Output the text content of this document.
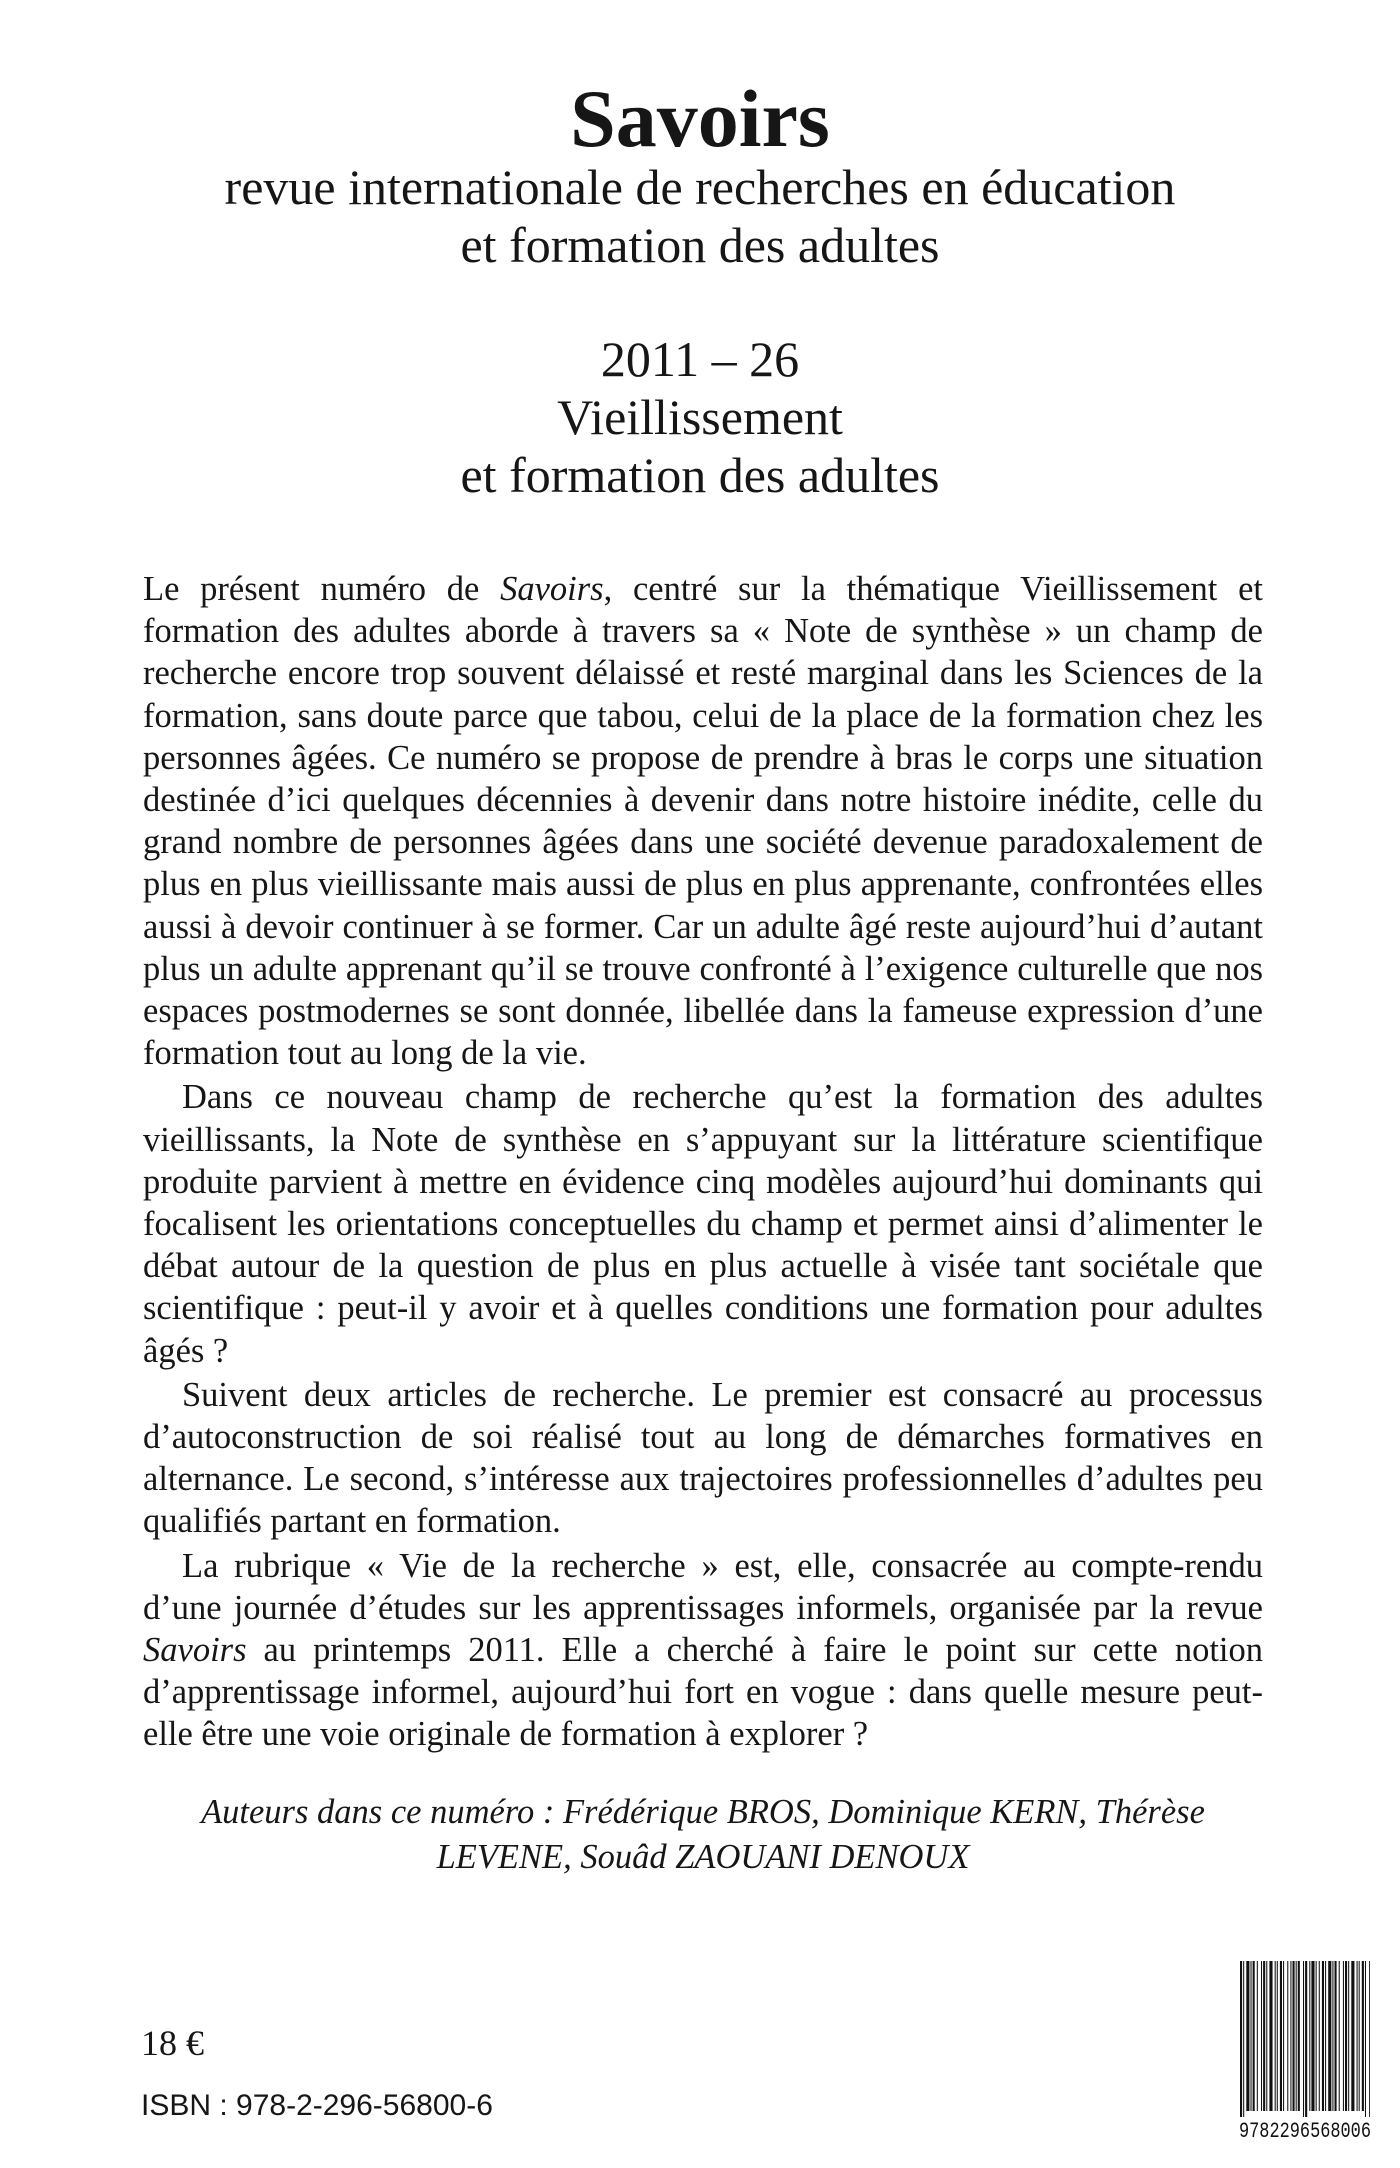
Savoirs
revue internationale de recherches en éducation
et formation des adultes
2011 – 26
Vieillissement
et formation des adultes

Le présent numéro de Savoirs, centré sur la thématique Vieillissement et formation des adultes aborde à travers sa « Note de synthèse » un champ de recherche encore trop souvent délaissé et resté marginal dans les Sciences de la formation, sans doute parce que tabou, celui de la place de la formation chez les personnes âgées. Ce numéro se propose de prendre à bras le corps une situation destinée d’ici quelques décennies à devenir dans notre histoire inédite, celle du grand nombre de personnes âgées dans une société devenue paradoxalement de plus en plus vieillissante mais aussi de plus en plus apprenante, confrontées elles aussi à devoir continuer à se former. Car un adulte âgé reste aujourd’hui d’autant plus un adulte apprenant qu’il se trouve confronté à l’exigence culturelle que nos espaces postmodernes se sont donnée, libellée dans la fameuse expression d’une formation tout au long de la vie.

Dans ce nouveau champ de recherche qu’est la formation des adultes vieillissants, la Note de synthèse en s’appuyant sur la littérature scientifique produite parvient à mettre en évidence cinq modèles aujourd’hui dominants qui focalisent les orientations conceptuelles du champ et permet ainsi d’alimenter le débat autour de la question de plus en plus actuelle à visée tant sociétale que scientifique : peut-il y avoir et à quelles conditions une formation pour adultes âgés ?

Suivent deux articles de recherche. Le premier est consacré au processus d’autoconstruction de soi réalisé tout au long de démarches formatives en alternance. Le second, s’intéresse aux trajectoires professionnelles d’adultes peu qualifiés partant en formation.

La rubrique « Vie de la recherche » est, elle, consacrée au compte-rendu d’une journée d’études sur les apprentissages informels, organisée par la revue Savoirs au printemps 2011. Elle a cherché à faire le point sur cette notion d’apprentissage informel, aujourd’hui fort en vogue : dans quelle mesure peut-elle être une voie originale de formation à explorer ?

Auteurs dans ce numéro : Frédérique BROS, Dominique KERN, Thérèse
LEVENE, Souâd ZAOUANI DENOUX
18 €
ISBN : 978-2-296-56800-6
9782296568006
